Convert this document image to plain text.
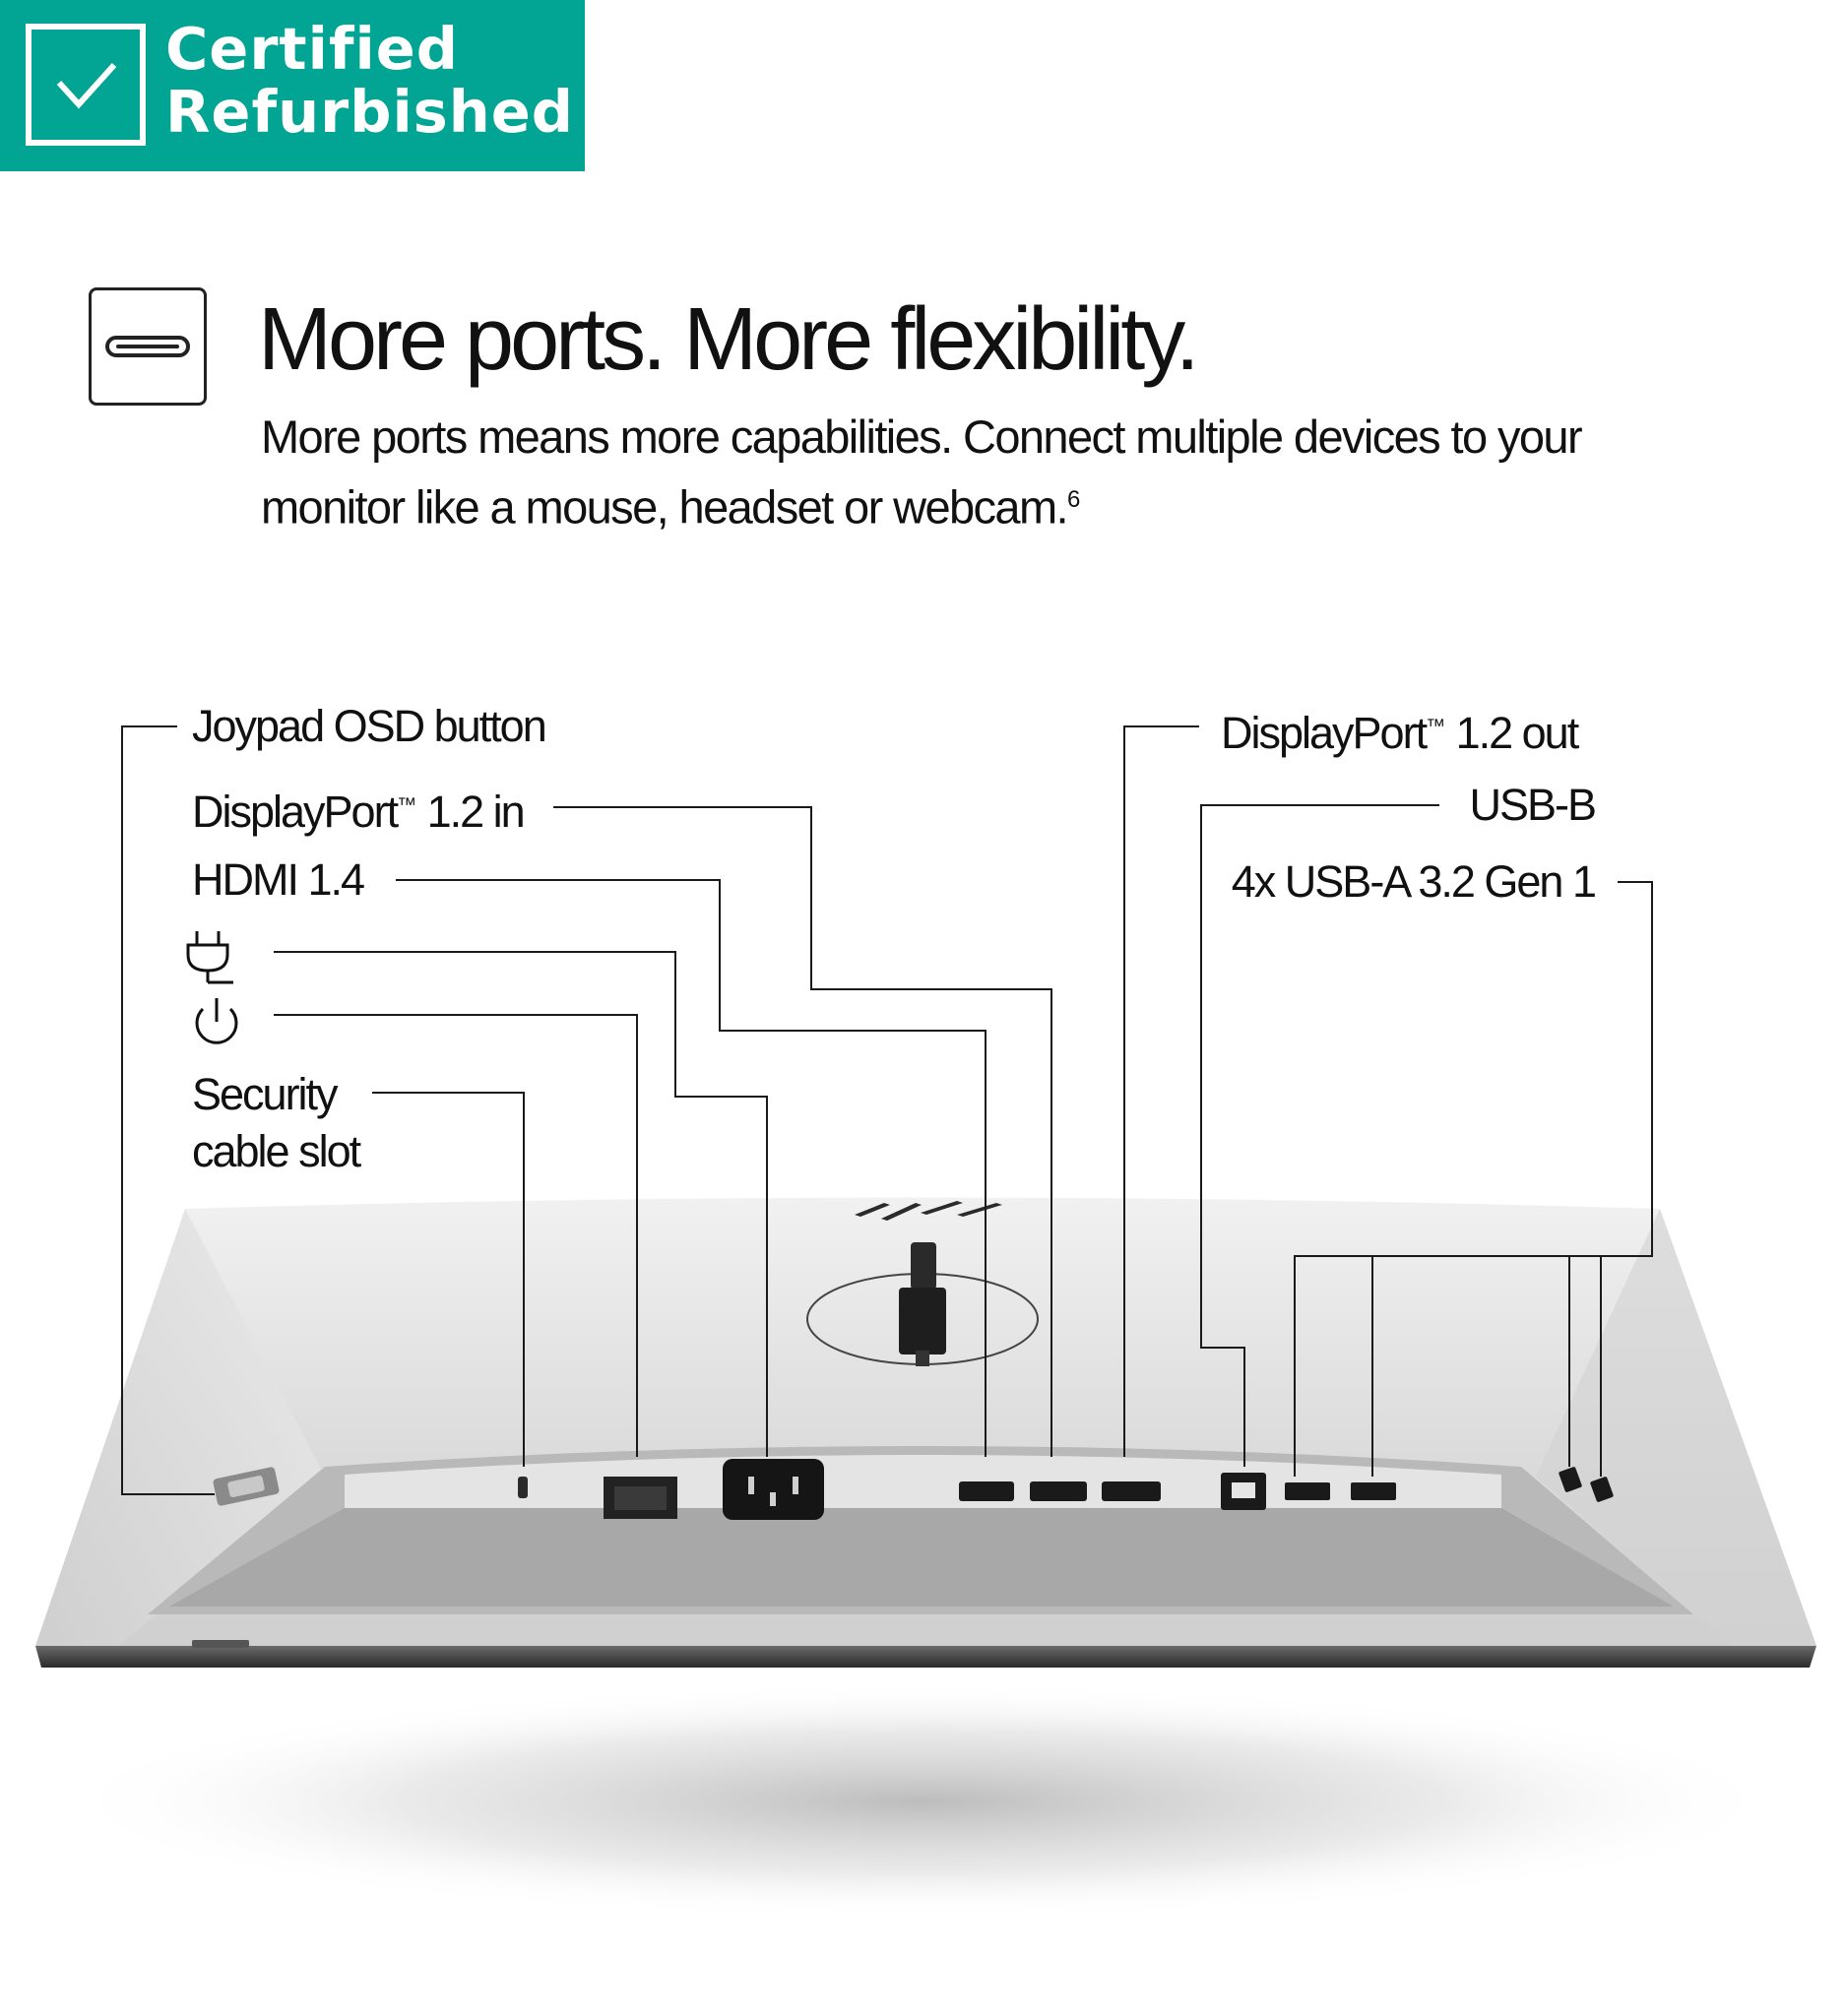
Certified
Refurbished
More ports. More flexibility.
More ports means more capabilities. Connect multiple devices to your monitor like a mouse, headset or webcam.$^6$
Joypad OSD button
DisplayPort™ 1.2 in
HDMI 1.4
Security
cable slot
DisplayPort™ 1.2 out
USB-B
4x USB-A 3.2 Gen 1
